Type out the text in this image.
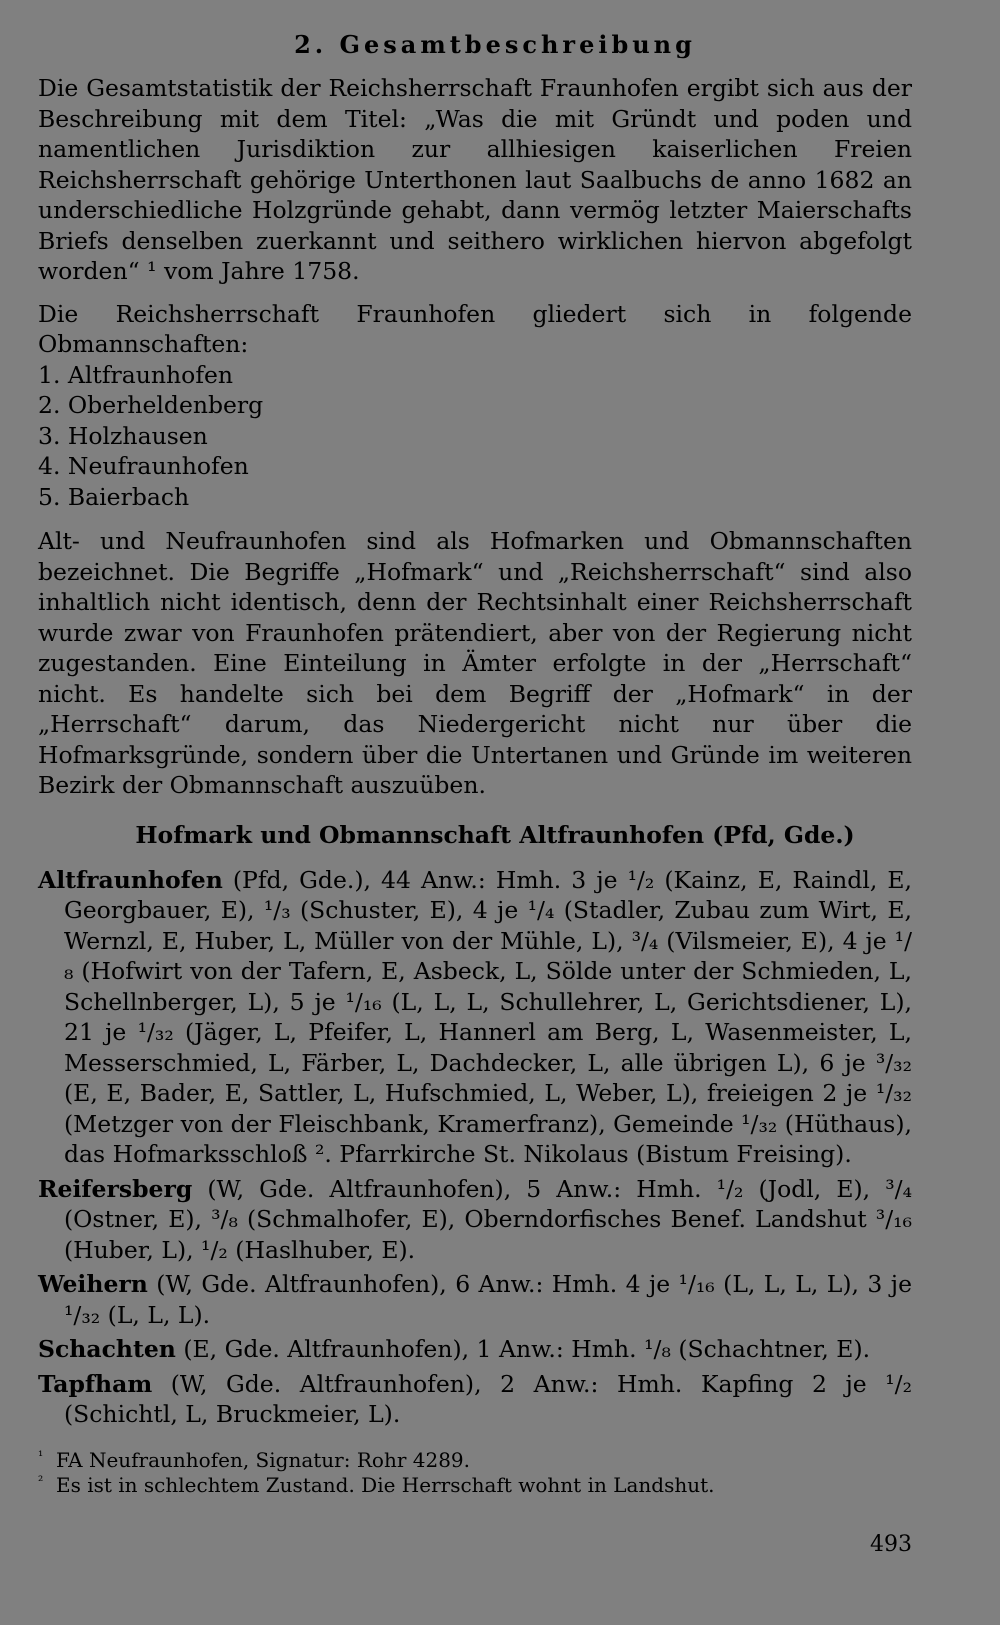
2. Gesamtbeschreibung

Die Gesamtstatistik der Reichsherrschaft Fraunhofen ergibt sich aus der Beschreibung mit dem Titel: „Was die mit Gründt und poden und namentlichen Jurisdiktion zur allhiesigen kaiserlichen Freien Reichsherrschaft gehörige Unterthonen laut Saalbuchs de anno 1682 an underschiedliche Holzgründe gehabt, dann vermög letzter Maierschafts Briefs denselben zuerkannt und seithero wirklichen hiervon abgefolgt worden“ ¹ vom Jahre 1758.

Die Reichsherrschaft Fraunhofen gliedert sich in folgende Obmannschaften:

1. Altfraunhofen
2. Oberheldenberg
3. Holzhausen
4. Neufraunhofen
5. Baierbach

Alt- und Neufraunhofen sind als Hofmarken und Obmannschaften bezeichnet. Die Begriffe „Hofmark“ und „Reichsherrschaft“ sind also inhaltlich nicht identisch, denn der Rechtsinhalt einer Reichsherrschaft wurde zwar von Fraunhofen prätendiert, aber von der Regierung nicht zugestanden. Eine Einteilung in Ämter erfolgte in der „Herrschaft“ nicht. Es handelte sich bei dem Begriff der „Hofmark“ in der „Herrschaft“ darum, das Niedergericht nicht nur über die Hofmarksgründe, sondern über die Untertanen und Gründe im weiteren Bezirk der Obmannschaft auszuüben.

Hofmark und Obmannschaft Altfraunhofen (Pfd, Gde.)
Altfraunhofen (Pfd, Gde.), 44 Anw.: Hmh. 3 je ¹/₂ (Kainz, E, Raindl, E, Georgbauer, E), ¹/₃ (Schuster, E), 4 je ¹/₄ (Stadler, Zubau zum Wirt, E, Wernzl, E, Huber, L, Müller von der Mühle, L), ³/₄ (Vilsmeier, E), 4 je ¹/₈ (Hofwirt von der Tafern, E, Asbeck, L, Sölde unter der Schmieden, L, Schellnberger, L), 5 je ¹/₁₆ (L, L, L, Schullehrer, L, Gerichtsdiener, L), 21 je ¹/₃₂ (Jäger, L, Pfeifer, L, Hannerl am Berg, L, Wasenmeister, L, Messerschmied, L, Färber, L, Dachdecker, L, alle übrigen L), 6 je ³/₃₂ (E, E, Bader, E, Sattler, L, Hufschmied, L, Weber, L), freieigen 2 je ¹/₃₂ (Metzger von der Fleischbank, Kramerfranz), Gemeinde ¹/₃₂ (Hüthaus), das Hofmarksschloß ². Pfarrkirche St. Nikolaus (Bistum Freising).
Reifersberg (W, Gde. Altfraunhofen), 5 Anw.: Hmh. ¹/₂ (Jodl, E), ³/₄ (Ostner, E), ³/₈ (Schmalhofer, E), Oberndorfisches Benef. Landshut ³/₁₆ (Huber, L), ¹/₂ (Haslhuber, E).
Weihern (W, Gde. Altfraunhofen), 6 Anw.: Hmh. 4 je ¹/₁₆ (L, L, L, L), 3 je ¹/₃₂ (L, L, L).
Schachten (E, Gde. Altfraunhofen), 1 Anw.: Hmh. ¹/₈ (Schachtner, E).
Tapfham (W, Gde. Altfraunhofen), 2 Anw.: Hmh. Kapfing 2 je ¹/₂ (Schichtl, L, Bruckmeier, L).
¹ FA Neufraunhofen, Signatur: Rohr 4289.
² Es ist in schlechtem Zustand. Die Herrschaft wohnt in Landshut.
493
